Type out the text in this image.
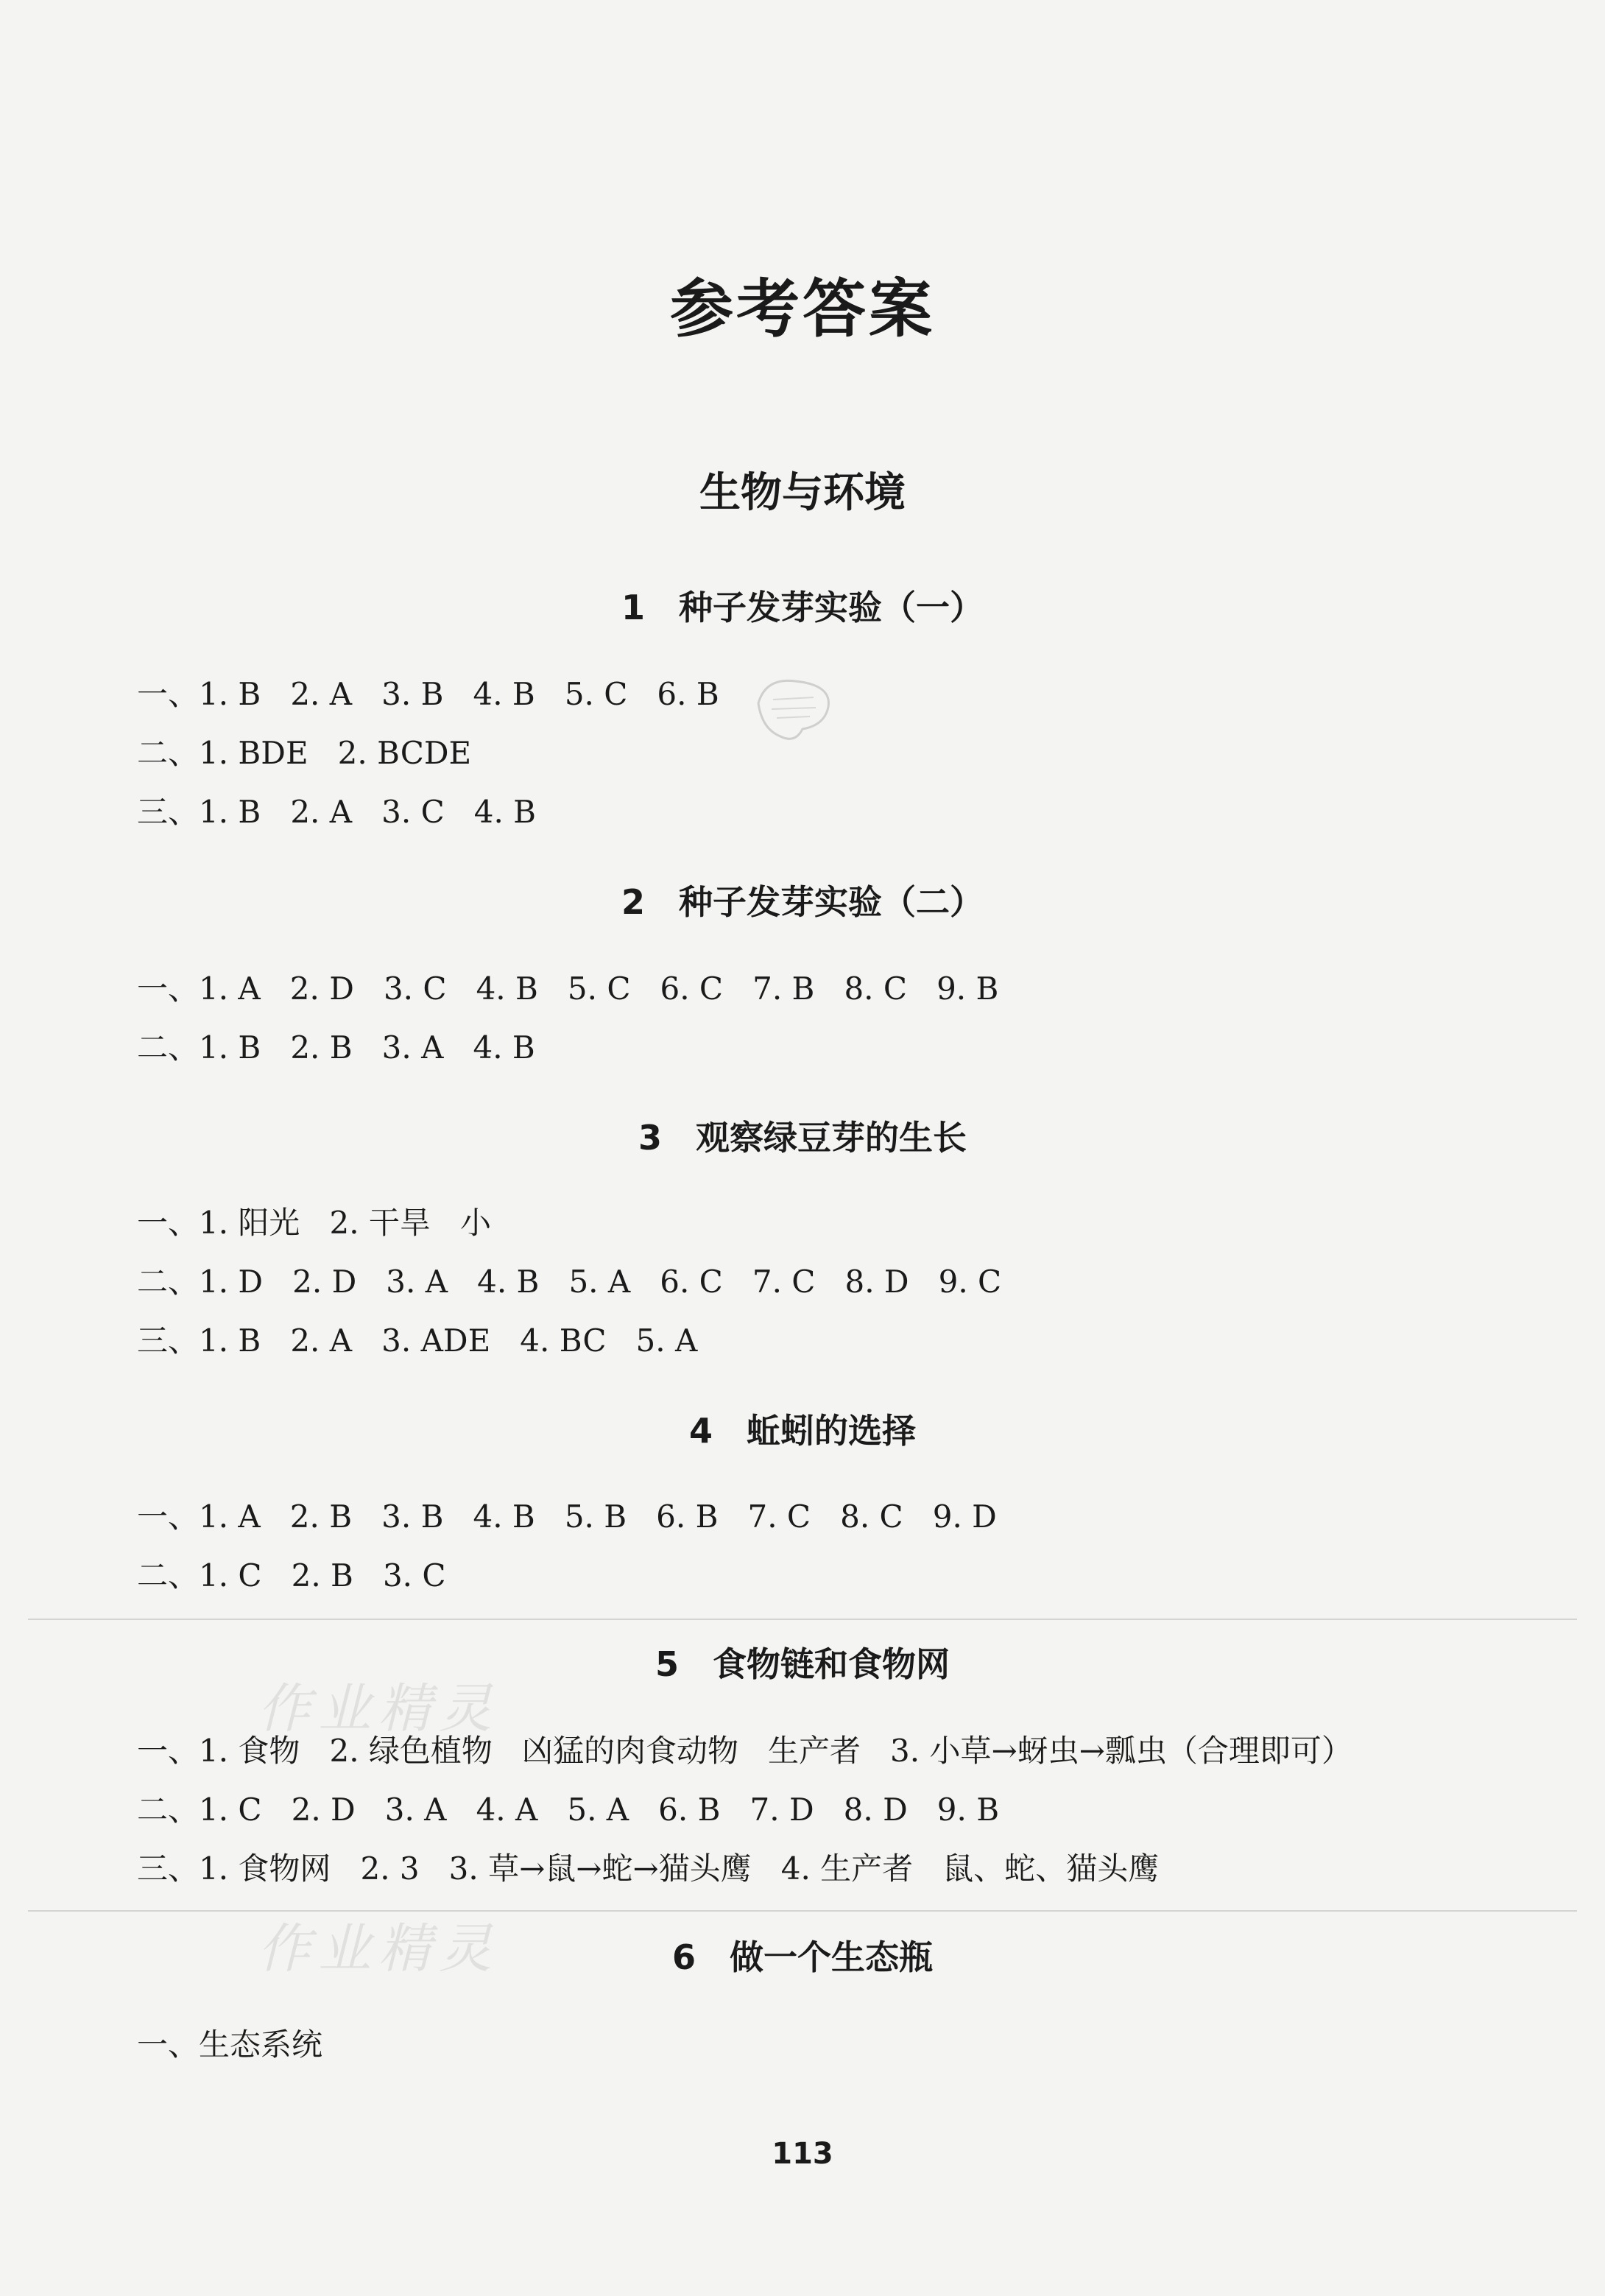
参考答案
生物与环境
1 种子发芽实验（一）
一、1. B   2. A   3. B   4. B   5. C   6. B
二、1. BDE   2. BCDE
三、1. B   2. A   3. C   4. B
2 种子发芽实验（二）
一、1. A   2. D   3. C   4. B   5. C   6. C   7. B   8. C   9. B
二、1. B   2. B   3. A   4. B
3 观察绿豆芽的生长
一、1. 阳光   2. 干旱   小
二、1. D   2. D   3. A   4. B   5. A   6. C   7. C   8. D   9. C
三、1. B   2. A   3. ADE   4. BC   5. A
4 蚯蚓的选择
一、1. A   2. B   3. B   4. B   5. B   6. B   7. C   8. C   9. D
二、1. C   2. B   3. C
作业精灵
5 食物链和食物网
一、1. 食物   2. 绿色植物   凶猛的肉食动物   生产者   3. 小草→蚜虫→瓢虫（合理即可）
二、1. C   2. D   3. A   4. A   5. A   6. B   7. D   8. D   9. B
三、1. 食物网   2. 3   3. 草→鼠→蛇→猫头鹰   4. 生产者   鼠、蛇、猫头鹰
作业精灵	6 做一个生态瓶
一、生态系统
113
